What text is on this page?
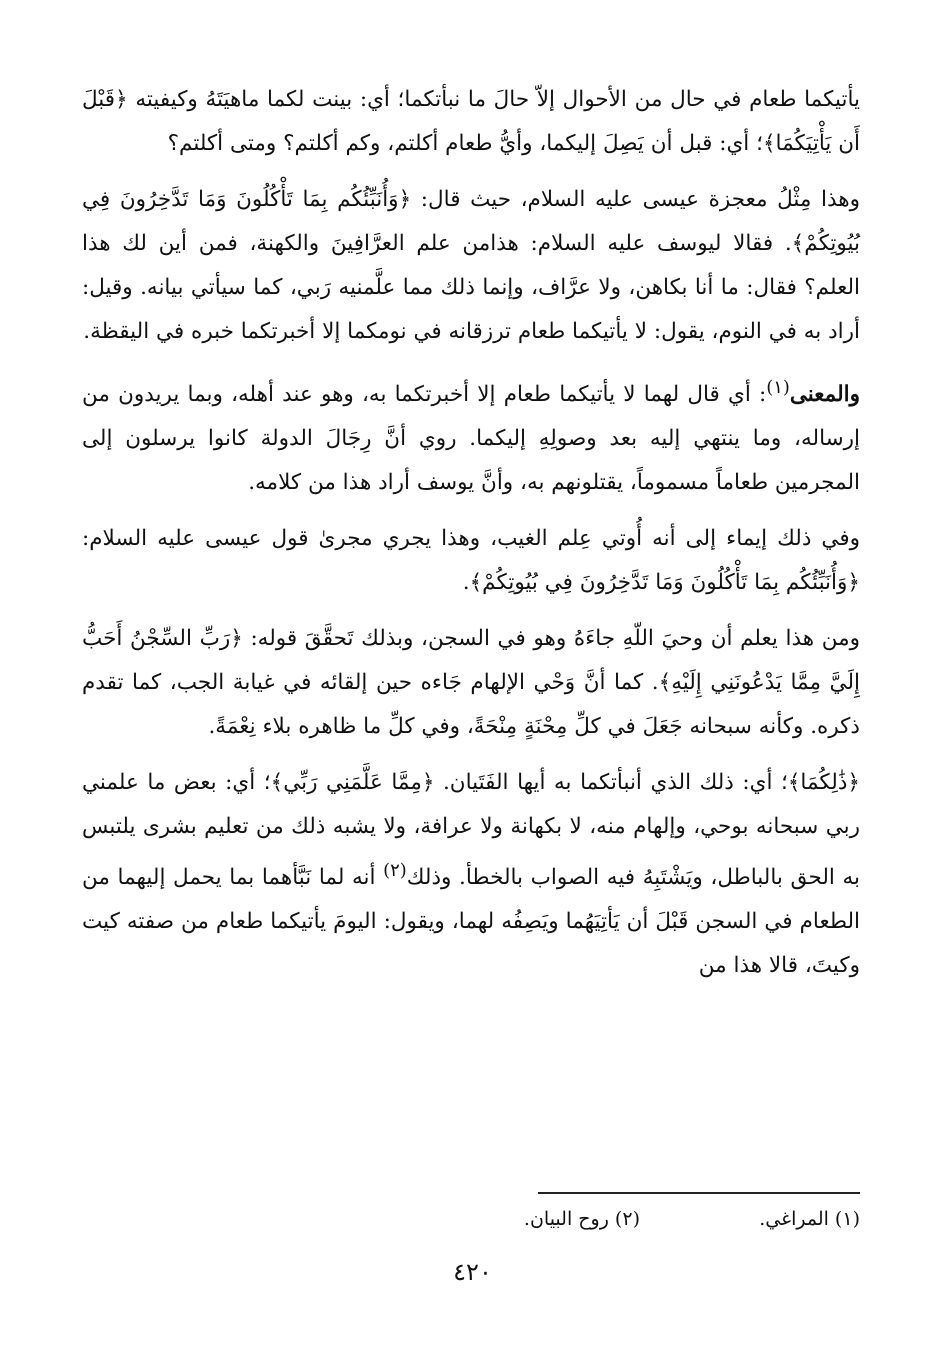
يأتيكما طعام في حال من الأحوال إلاّ حالَ ما نبأتكما؛ أي: بينت لكما ماهيَتَهُ وكيفيته ﴿قَبْلَ أَن يَأْتِيَكُمَا﴾؛ أي: قبل أن يَصِلَ إليكما، وأيُّ طعام أكلتم، وكم أكلتم؟ ومتى أكلتم؟

وهذا مِثْلُ معجزة عيسى عليه السلام، حيث قال: ﴿وَأُنَبِّئُكُم بِمَا تَأْكُلُونَ وَمَا تَدَّخِرُونَ فِي بُيُوتِكُمْ﴾. فقالا ليوسف عليه السلام: هذامن علم العرَّافِينَ والكهنة، فمن أين لك هذا العلم؟ فقال: ما أنا بكاهن، ولا عرَّاف، وإنما ذلك مما علَّمنيه رَبي، كما سيأتي بيانه. وقيل: أراد به في النوم، يقول: لا يأتيكما طعام ترزقانه في نومكما إلا أخبرتكما خبره في اليقظة.

والمعنى$^{(١)}$: أي قال لهما لا يأتيكما طعام إلا أخبرتكما به، وهو عند أهله، وبما يريدون من إرساله، وما ينتهي إليه بعد وصولِهِ إليكما. روي أنَّ رِجَالَ الدولة كانوا يرسلون إلى المجرمين طعاماً مسموماً، يقتلونهم به، وأنَّ يوسف أراد هذا من كلامه.

وفي ذلك إيماء إلى أنه أُوتي عِلم الغيب، وهذا يجري مجرىٰ قول عيسى عليه السلام: ﴿وَأُنَبِّئُكُم بِمَا تَأْكُلُونَ وَمَا تَدَّخِرُونَ فِي بُيُوتِكُمْ﴾.

ومن هذا يعلم أن وحيَ اللّهِ جاءَهُ وهو في السجن، وبذلك تَحقَّقَ قوله: ﴿رَبِّ السِّجْنُ أَحَبُّ إِلَيَّ مِمَّا يَدْعُونَنِي إِلَيْهِ﴾. كما أنَّ وَحْي الإلهام جَاءه حين إلقائه في غيابة الجب، كما تقدم ذكره. وكأنه سبحانه جَعَلَ في كلِّ مِحْنَةٍ مِنْحَةً، وفي كلِّ ما ظاهره بلاء نِعْمَةً.

﴿ذَٰلِكُمَا﴾؛ أي: ذلك الذي أنبأتكما به أيها الفَتَيان. ﴿مِمَّا عَلَّمَنِي رَبِّي﴾؛ أي: بعض ما علمني ربي سبحانه بوحي، وإلهام منه، لا بكهانة ولا عرافة، ولا يشبه ذلك من تعليم بشرى يلتبس به الحق بالباطل، ويَشْتَبِهُ فيه الصواب بالخطأ. وذلك$^{(٢)}$ أنه لما نَبَّأهما بما يحمل إليهما من الطعام في السجن قَبْلَ أن يَأتِيَهُما ويَصِفُه لهما، ويقول: اليومَ يأتيكما طعام من صفته كيت وكيتَ، قالا هذا من

(١) المراغي.
(٢) روح البيان.
٤٢٠
